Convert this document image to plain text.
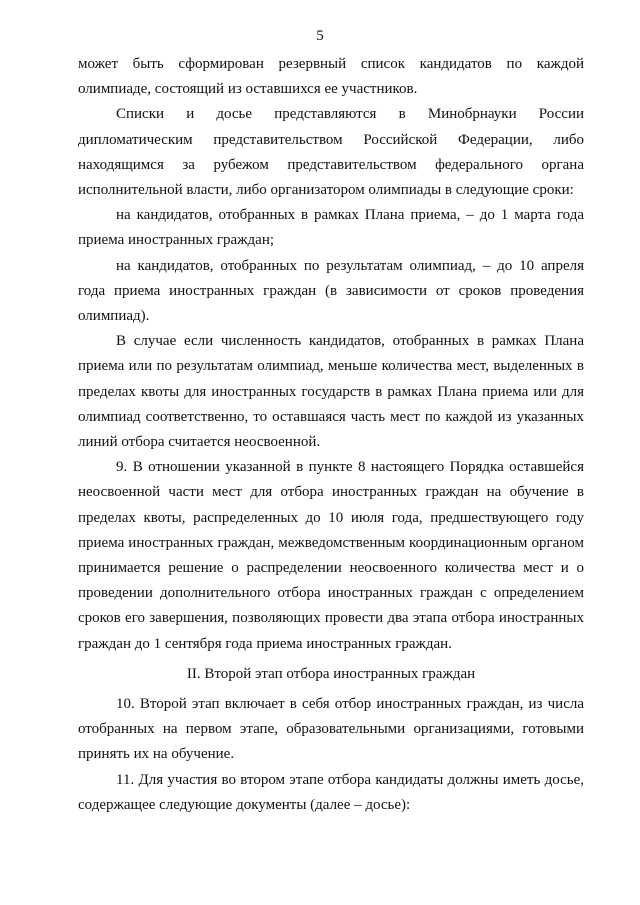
5

может быть сформирован резервный список кандидатов по каждой олимпиаде, состоящий из оставшихся ее участников.

Списки и досье представляются в Минобрнауки России дипломатическим представительством Российской Федерации, либо находящимся за рубежом представительством федерального органа исполнительной власти, либо организатором олимпиады в следующие сроки:

на кандидатов, отобранных в рамках Плана приема, – до 1 марта года приема иностранных граждан;

на кандидатов, отобранных по результатам олимпиад, – до 10 апреля года приема иностранных граждан (в зависимости от сроков проведения олимпиад).

В случае если численность кандидатов, отобранных в рамках Плана приема или по результатам олимпиад, меньше количества мест, выделенных в пределах квоты для иностранных государств в рамках Плана приема или для олимпиад соответственно, то оставшаяся часть мест по каждой из указанных линий отбора считается неосвоенной.

9. В отношении указанной в пункте 8 настоящего Порядка оставшейся неосвоенной части мест для отбора иностранных граждан на обучение в пределах квоты, распределенных до 10 июля года, предшествующего году приема иностранных граждан, межведомственным координационным органом принимается решение о распределении неосвоенного количества мест и о проведении дополнительного отбора иностранных граждан с определением сроков его завершения, позволяющих провести два этапа отбора иностранных граждан до 1 сентября года приема иностранных граждан.

II. Второй этап отбора иностранных граждан

10. Второй этап включает в себя отбор иностранных граждан, из числа отобранных на первом этапе, образовательными организациями, готовыми принять их на обучение.

11. Для участия во втором этапе отбора кандидаты должны иметь досье, содержащее следующие документы (далее – досье):
